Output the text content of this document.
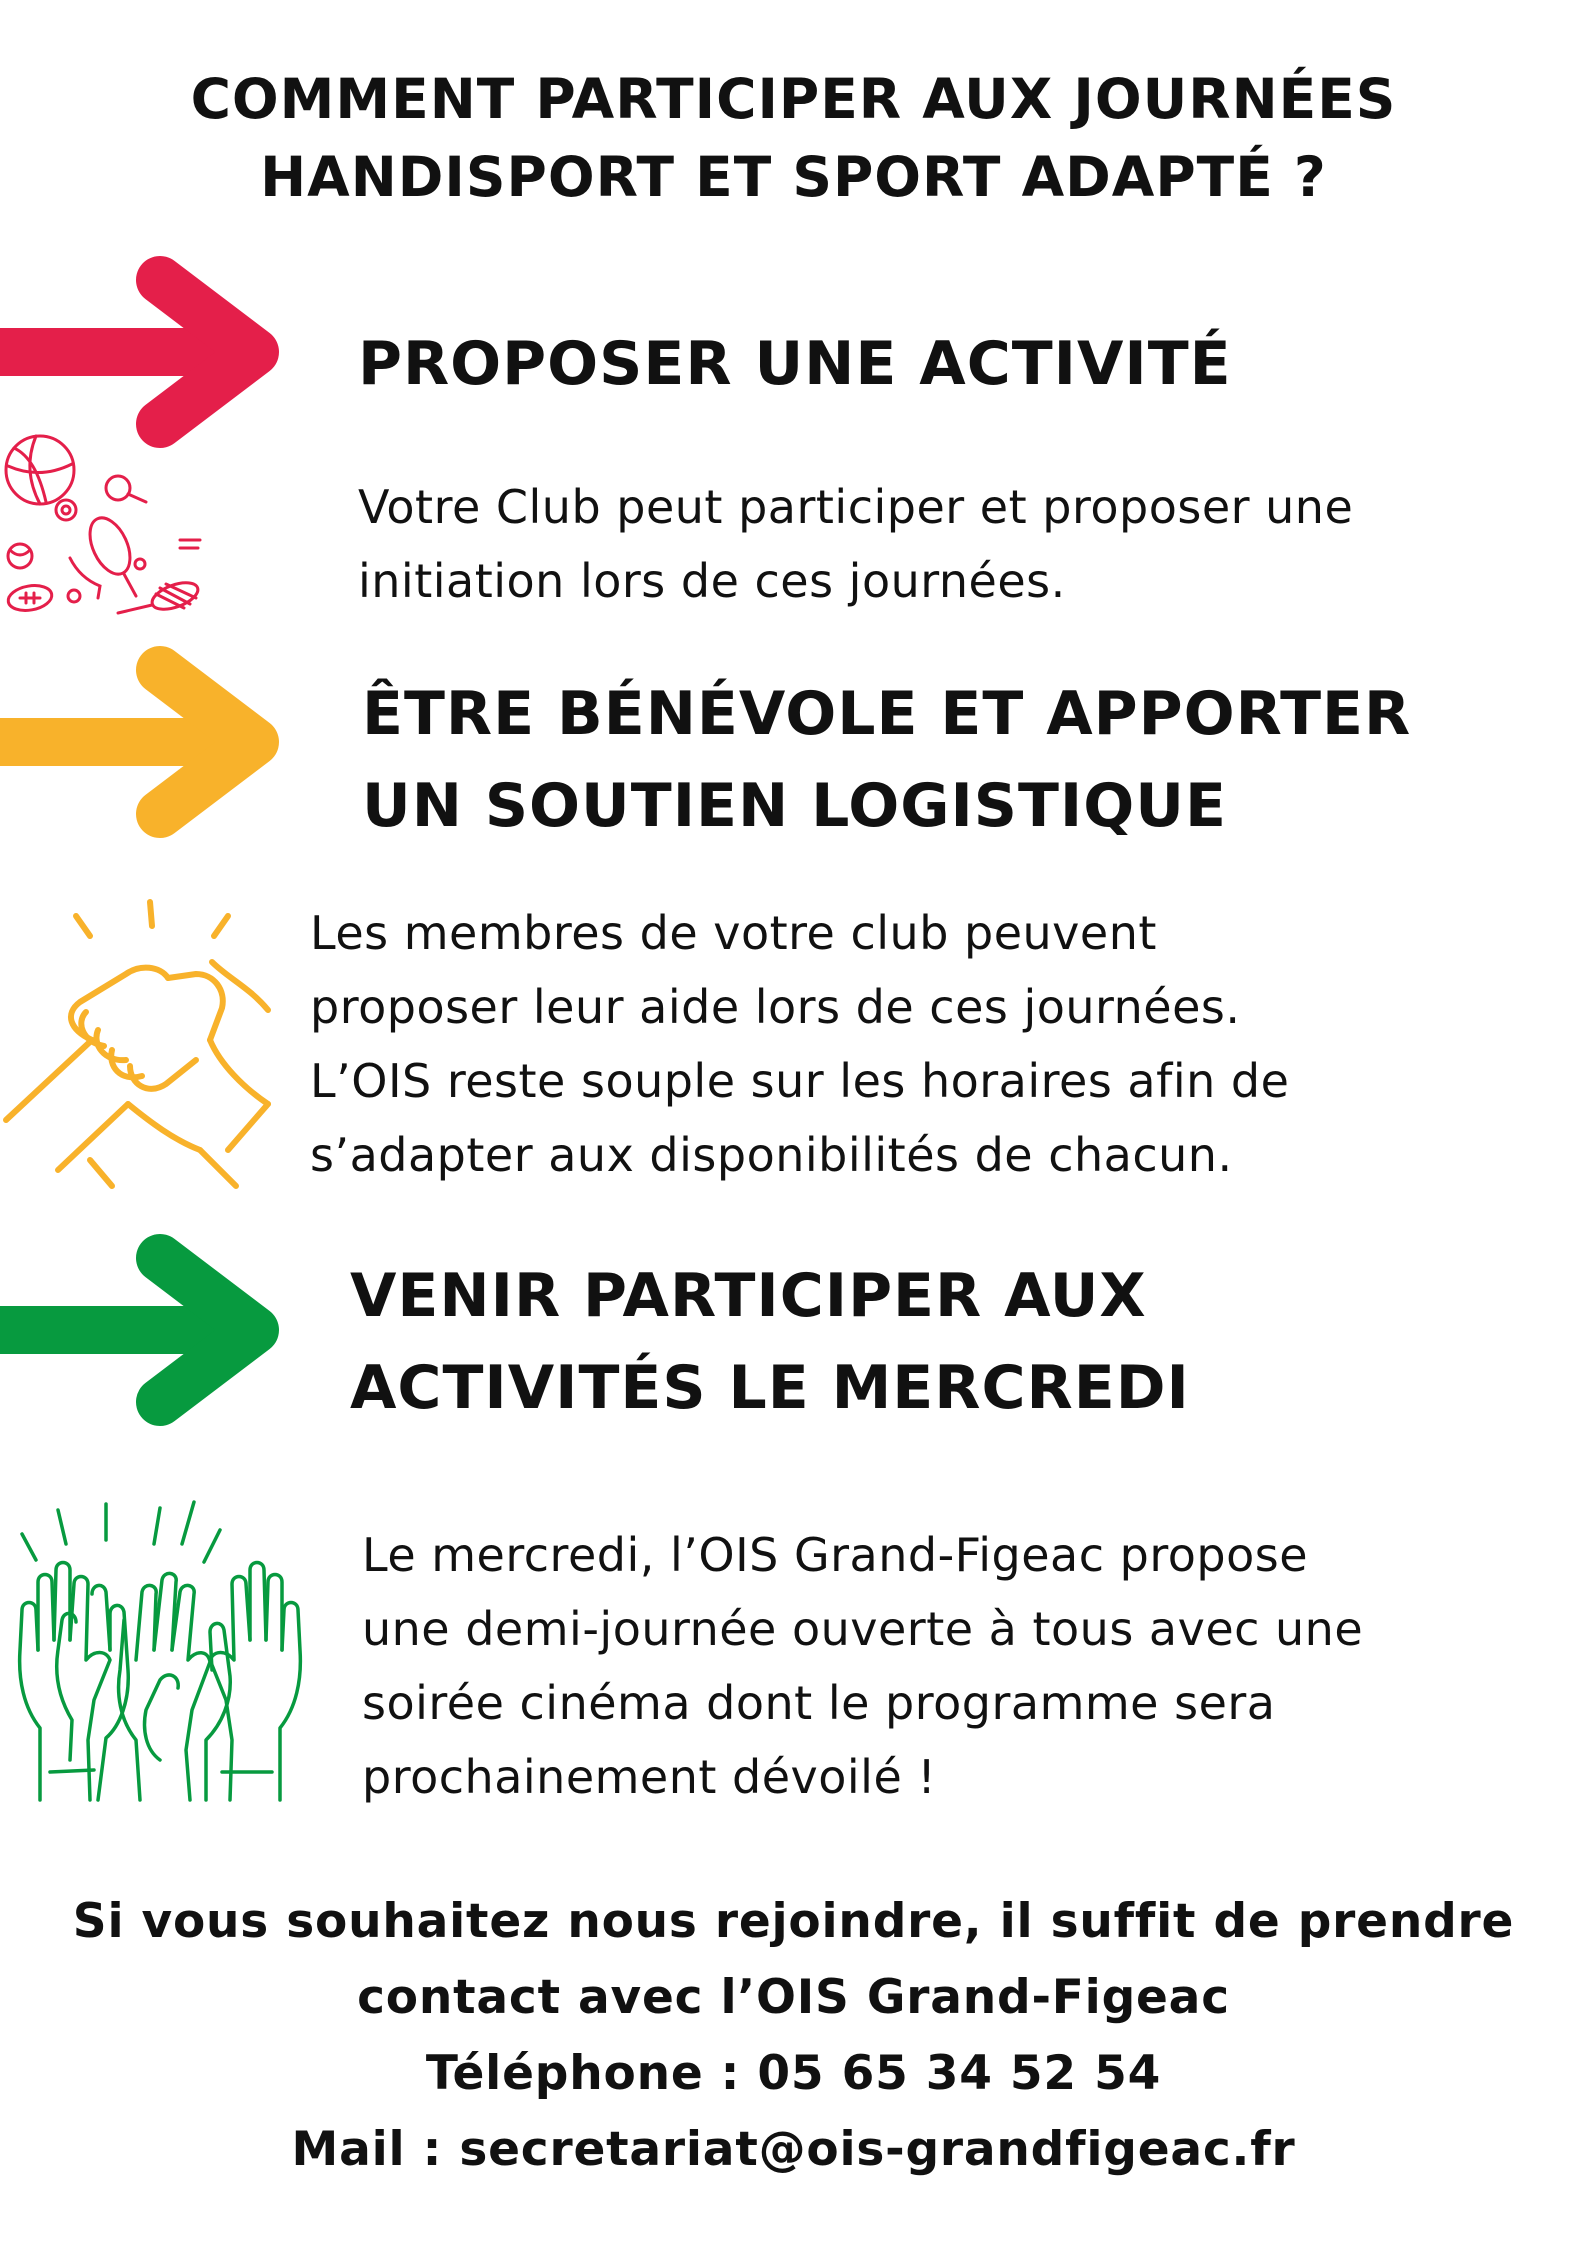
COMMENT PARTICIPER AUX JOURNÉES
HANDISPORT ET SPORT ADAPTÉ ?
PROPOSER UNE ACTIVITÉ
Votre Club peut participer et proposer une
initiation lors de ces journées.
ÊTRE BÉNÉVOLE ET APPORTER
UN SOUTIEN LOGISTIQUE
Les membres de votre club peuvent
proposer leur aide lors de ces journées.
L’OIS reste souple sur les horaires afin de
s’adapter aux disponibilités de chacun.
VENIR PARTICIPER AUX
ACTIVITÉS LE MERCREDI
Le mercredi, l’OIS Grand-Figeac propose
une demi-journée ouverte à tous avec une
soirée cinéma dont le programme sera
prochainement dévoilé !
Si vous souhaitez nous rejoindre, il suffit de prendre
contact avec l’OIS Grand-Figeac
Téléphone : 05 65 34 52 54
Mail : secretariat@ois-grandfigeac.fr
